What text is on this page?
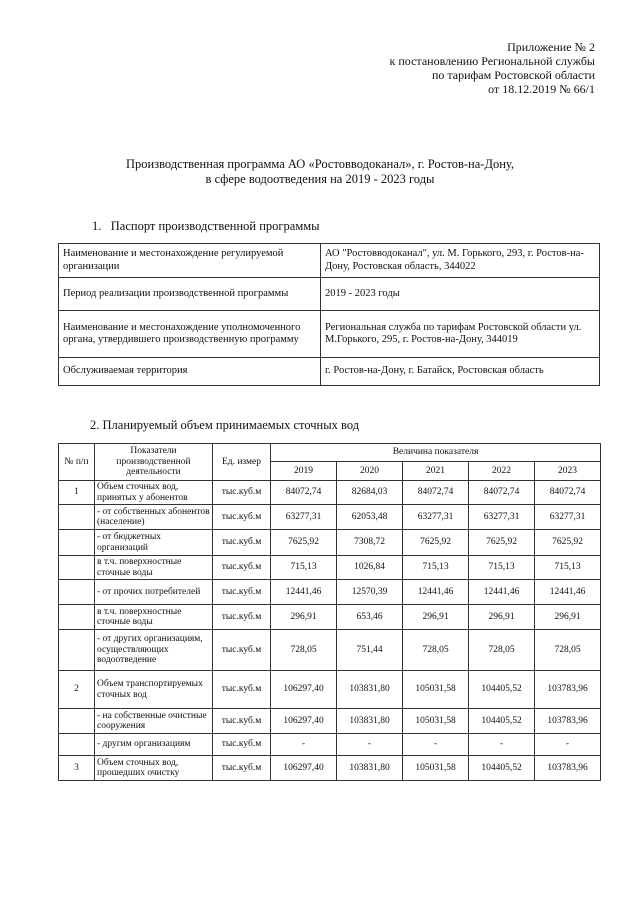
Приложение № 2
к постановлению Региональной службы
по тарифам Ростовской области
от 18.12.2019 № 66/1
Производственная программа АО «Ростовводоканал», г. Ростов-на-Дону,
в сфере водоотведения на 2019 - 2023 годы
1. Паспорт производственной программы
Наименование и местонахождение регулируемой организации	АО "Ростовводоканал", ул. М. Горького, 293, г. Ростов-на-Дону, Ростовская область, 344022
Период реализации производственной программы	2019 - 2023 годы
Наименование и местонахождение уполномоченного органа, утвердившего производственную программу	Региональная служба по тарифам Ростовской области ул. М.Горького, 295, г. Ростов-на-Дону, 344019
Обслуживаемая территория	г. Ростов-на-Дону, г. Батайск, Ростовская область
2. Планируемый объем принимаемых сточных вод
№ п/п	Показатели производственной деятельности	Ед. измер	Величина показателя				
			2019	2020	2021	2022	2023
1	Объем сточных вод, принятых у абонентов	тыс.куб.м	84072,74	82684,03	84072,74	84072,74	84072,74
	- от собственных абонентов (население)	тыс.куб.м	63277,31	62053,48	63277,31	63277,31	63277,31
	- от бюджетных организаций	тыс.куб.м	7625,92	7308,72	7625,92	7625,92	7625,92
	в т.ч. поверхностные сточные воды	тыс.куб.м	715,13	1026,84	715,13	715,13	715,13
	- от прочих потребителей	тыс.куб.м	12441,46	12570,39	12441,46	12441,46	12441,46
	в т.ч. поверхностные сточные воды	тыс.куб.м	296,91	653,46	296,91	296,91	296,91
	- от других организациям, осуществляющих водоотведение	тыс.куб.м	728,05	751,44	728,05	728,05	728,05
2	Объем транспортируемых сточных вод	тыс.куб.м	106297,40	103831,80	105031,58	104405,52	103783,96
	- на собственные очистные сооружения	тыс.куб.м	106297,40	103831,80	105031,58	104405,52	103783,96
	- другим организациям	тыс.куб.м	-	-	-	-	-
3	Объем сточных вод, прошедших очистку	тыс.куб.м	106297,40	103831,80	105031,58	104405,52	103783,96
